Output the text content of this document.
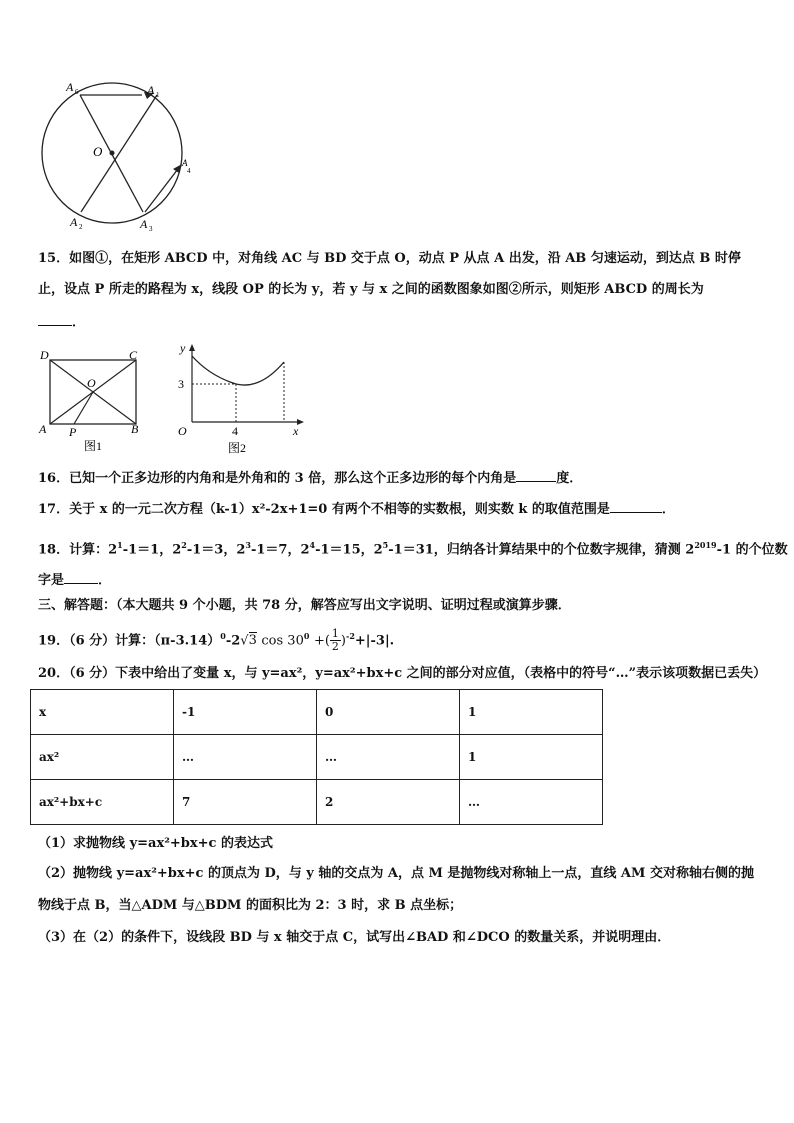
A 6	A 1
O
A
4
A 2	A 3
15．如图①，在矩形 ABCD 中，对角线 AC 与 BD 交于点 O，动点 P 从点 A 出发，沿 AB 匀速运动，到达点 B 时停
止，设点 P 所走的路程为 x，线段 OP 的长为 y，若 y 与 x 之间的函数图象如图②所示，则矩形 ABCD 的周长为
．
D	C
O
A P	B
图1
y
3
O	4	x
图2
16．已知一个正多边形的内角和是外角和的 3 倍，那么这个正多边形的每个内角是	度．
17．关于 x 的一元二次方程（k-1）x²-2x+1=0 有两个不相等的实数根，则实数 k 的取值范围是	．
18．计算：$2^1-1=1$，$2^2-1=3$，$2^3-1=7$，$2^4-1=15$，$2^5-1=31$，归纳各计算结果中的个位数字规律，猜测 $2^{2019}-1$ 的个位数
字是	．
三、解答题：（本大题共 9 个小题，共 78 分，解答应写出文字说明、证明过程或演算步骤．
19．（6 分）计算：$(\pi-3.14)^0-2√3$ $\cos 30^0$ +( $\frac{1}{2} )^{-2}+|-3|$.
20．（6 分）下表中给出了变量 x，与 y=ax²，y=ax²+bx+c 之间的部分对应值，（表格中的符号“…”表示该项数据已丢失）
x	-1	0	1
ax²	…	…	1
ax²+bx+c	7	2	…
（1）求抛物线 y=ax²+bx+c 的表达式
（2）抛物线 y=ax²+bx+c 的顶点为 D，与 y 轴的交点为 A，点 M 是抛物线对称轴上一点，直线 AM 交对称轴右侧的抛
物线于点 B，当△ADM 与△BDM 的面积比为 2：3 时，求 B 点坐标；
（3）在（2）的条件下，设线段 BD 与 x 轴交于点 C，试写出∠BAD 和∠DCO 的数量关系，并说明理由．
